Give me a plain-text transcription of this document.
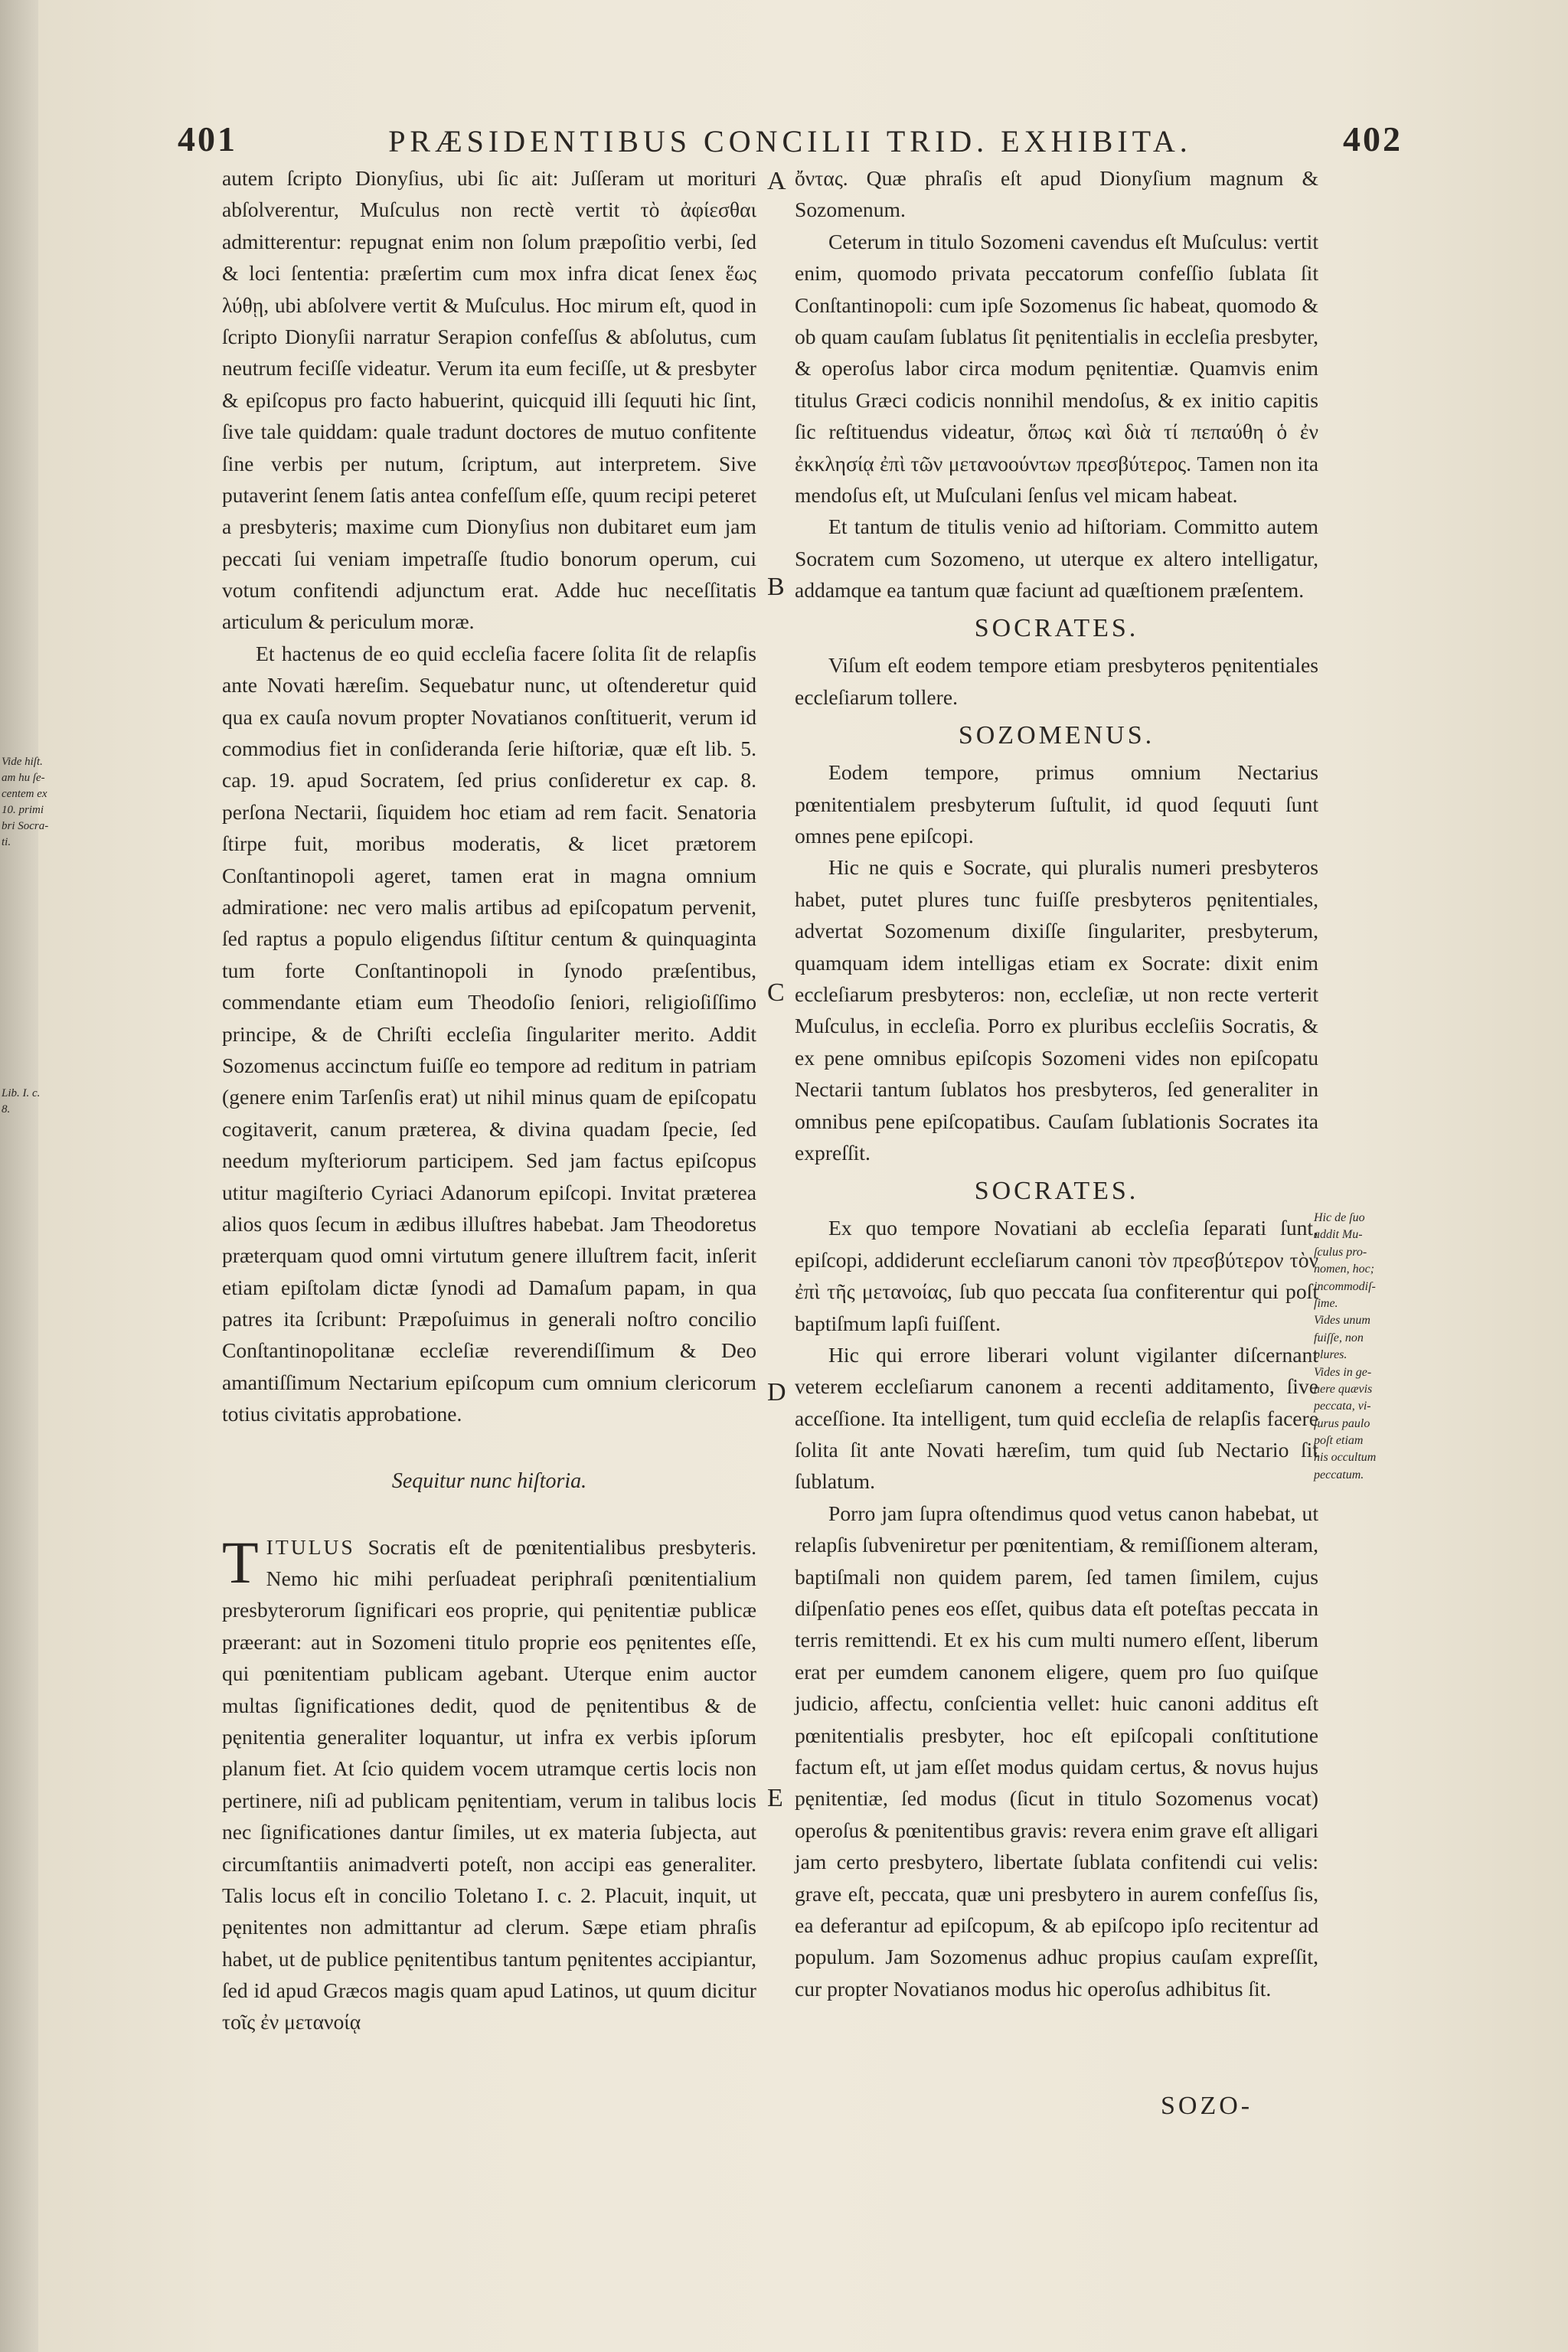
401	PRÆSIDENTIBUS CONCILII TRID. EXHIBITA.	402

autem ſcripto Dionyſius, ubi ſic ait: Juſſeram ut morituri abſolverentur, Muſculus non rectè vertit τὸ ἀφίεσθαι admitterentur: repugnat enim non ſolum præpoſitio verbi, ſed & loci ſententia: præſertim cum mox infra dicat ſenex ἕως λύθῃ, ubi abſolvere vertit & Muſculus. Hoc mirum eſt, quod in ſcripto Dionyſii narratur Serapion confeſſus & abſolutus, cum neutrum feciſſe videatur. Verum ita eum feciſſe, ut & presbyter & epiſcopus pro facto habuerint, quicquid illi ſequuti hic ſint, ſive tale quiddam: quale tradunt doctores de mutuo confitente ſine verbis per nutum, ſcriptum, aut interpretem. Sive putaverint ſenem ſatis antea confeſſum eſſe, quum recipi peteret a presbyteris; maxime cum Dionyſius non dubitaret eum jam peccati ſui veniam impetraſſe ſtudio bonorum operum, cui votum confitendi adjunctum erat. Adde huc neceſſitatis articulum & periculum moræ.

Et hactenus de eo quid eccleſia facere ſolita ſit de relapſis ante Novati hæreſim. Sequebatur nunc, ut oſtenderetur quid qua ex cauſa novum propter Novatianos conſtituerit, verum id commodius fiet in conſideranda ſerie hiſtoriæ, quæ eſt lib. 5. cap. 19. apud Socratem, ſed prius conſideretur ex cap. 8. perſona Nectarii, ſiquidem hoc etiam ad rem facit. Senatoria ſtirpe fuit, moribus moderatis, & licet prætorem Conſtantinopoli ageret, tamen erat in magna omnium admiratione: nec vero malis artibus ad epiſcopatum pervenit, ſed raptus a populo eligendus ſiſtitur centum & quinquaginta tum forte Conſtantinopoli in ſynodo præſentibus, commendante etiam eum Theodoſio ſeniori, religioſiſſimo principe, & de Chriſti eccleſia ſingulariter merito. Addit Sozomenus accinctum fuiſſe eo tempore ad reditum in patriam (genere enim Tarſenſis erat) ut nihil minus quam de epiſcopatu cogitaverit, canum præterea, & divina quadam ſpecie, ſed needum myſteriorum participem. Sed jam factus epiſcopus utitur magiſterio Cyriaci Adanorum epiſcopi. Invitat præterea alios quos ſecum in ædibus illuſtres habebat. Jam Theodoretus præterquam quod omni virtutum genere illuſtrem facit, inſerit etiam epiſtolam dictæ ſynodi ad Damaſum papam, in qua patres ita ſcribunt: Præpoſuimus in generali noſtro concilio Conſtantinopolitanæ eccleſiæ reverendiſſimum & Deo amantiſſimum Nectarium epiſcopum cum omnium clericorum totius civitatis approbatione.

Sequitur nunc hiſtoria.

TITULUS Socratis eſt de pœnitentialibus presbyteris. Nemo hic mihi perſuadeat periphraſi pœnitentialium presbyterorum ſignificari eos proprie, qui pęnitentiæ publicæ præerant: aut in Sozomeni titulo proprie eos pęnitentes eſſe, qui pœnitentiam publicam agebant. Uterque enim auctor multas ſignificationes dedit, quod de pęnitentibus & de pęnitentia generaliter loquantur, ut infra ex verbis ipſorum planum fiet. At ſcio quidem vocem utramque certis locis non pertinere, niſi ad publicam pęnitentiam, verum in talibus locis nec ſignificationes dantur ſimiles, ut ex materia ſubjecta, aut circumſtantiis animadverti poteſt, non accipi eas generaliter. Talis locus eſt in concilio Toletano I. c. 2. Placuit, inquit, ut pęnitentes non admittantur ad clerum. Sæpe etiam phraſis habet, ut de publice pęnitentibus tantum pęnitentes accipiantur, ſed id apud Græcos magis quam apud Latinos, ut quum dicitur τοῖς ἐν μετανοίᾳ

ὄντας. Quæ phraſis eſt apud Dionyſium magnum & Sozomenum.

Ceterum in titulo Sozomeni cavendus eſt Muſculus: vertit enim, quomodo privata peccatorum confeſſio ſublata ſit Conſtantinopoli: cum ipſe Sozomenus ſic habeat, quomodo & ob quam cauſam ſublatus ſit pęnitentialis in eccleſia presbyter, & operoſus labor circa modum pęnitentiæ. Quamvis enim titulus Græci codicis nonnihil mendoſus, & ex initio capitis ſic reſtituendus videatur, ὅπως καὶ διὰ τί πεπαύθη ὁ ἐν ἐκκλησίᾳ ἐπὶ τῶν μετανοούντων πρεσβύτερος. Tamen non ita mendoſus eſt, ut Muſculani ſenſus vel micam habeat.

Et tantum de titulis venio ad hiſtoriam. Committo autem Socratem cum Sozomeno, ut uterque ex altero intelligatur, addamque ea tantum quæ faciunt ad quæſtionem præſentem.

SOCRATES.

Viſum eſt eodem tempore etiam presbyteros pęnitentiales eccleſiarum tollere.

SOZOMENUS.

Eodem tempore, primus omnium Nectarius pœnitentialem presbyterum ſuſtulit, id quod ſequuti ſunt omnes pene epiſcopi.

Hic ne quis e Socrate, qui pluralis numeri presbyteros habet, putet plures tunc fuiſſe presbyteros pęnitentiales, advertat Sozomenum dixiſſe ſingulariter, presbyterum, quamquam idem intelligas etiam ex Socrate: dixit enim eccleſiarum presbyteros: non, eccleſiæ, ut non recte verterit Muſculus, in eccleſia. Porro ex pluribus eccleſiis Socratis, & ex pene omnibus epiſcopis Sozomeni vides non epiſcopatu Nectarii tantum ſublatos hos presbyteros, ſed generaliter in omnibus pene epiſcopatibus. Cauſam ſublationis Socrates ita expreſſit.

SOCRATES.

Ex quo tempore Novatiani ab eccleſia ſeparati ſunt, epiſcopi, addiderunt eccleſiarum canoni τὸν πρεσβύτερον τὸν ἐπὶ τῆς μετανοίας, ſub quo peccata ſua confiterentur qui poſt baptiſmum lapſi fuiſſent.

Hic qui errore liberari volunt vigilanter diſcernant veterem eccleſiarum canonem a recenti additamento, ſive acceſſione. Ita intelligent, tum quid eccleſia de relapſis facere ſolita ſit ante Novati hæreſim, tum quid ſub Nectario ſit ſublatum.

Porro jam ſupra oſtendimus quod vetus canon habebat, ut relapſis ſubveniretur per pœnitentiam, & remiſſionem alteram, baptiſmali non quidem parem, ſed tamen ſimilem, cujus diſpenſatio penes eos eſſet, quibus data eſt poteſtas peccata in terris remittendi. Et ex his cum multi numero eſſent, liberum erat per eumdem canonem eligere, quem pro ſuo quiſque judicio, affectu, conſcientia vellet: huic canoni additus eſt pœnitentialis presbyter, hoc eſt epiſcopali conſtitutione factum eſt, ut jam eſſet modus quidam certus, & novus hujus pęnitentiæ, ſed modus (ſicut in titulo Sozomenus vocat) operoſus & pœnitentibus gravis: revera enim grave eſt alligari jam certo presbytero, libertate ſublata confitendi cui velis: grave eſt, peccata, quæ uni presbytero in aurem confeſſus ſis, ea deferantur ad epiſcopum, & ab epiſcopo ipſo recitentur ad populum. Jam Sozomenus adhuc propius cauſam expreſſit, cur propter Novatianos modus hic operoſus adhibitus ſit.

SOZO-
A
B
C
D
E
Vide hiſt.
am hu ſe-
centem ex
10. primi
bri Socra-
ti.
Lib. I. c. 8.
Hic de ſuo
addit Mu-
ſculus pro-
nomen, hoc;
incommodiſ-
ſime.
Vides unum
fuiſſe, non
plures.
Vides in ge-
nere quævis
peccata, vi-
ſurus paulo
poſt etiam
his occultum
peccatum.
